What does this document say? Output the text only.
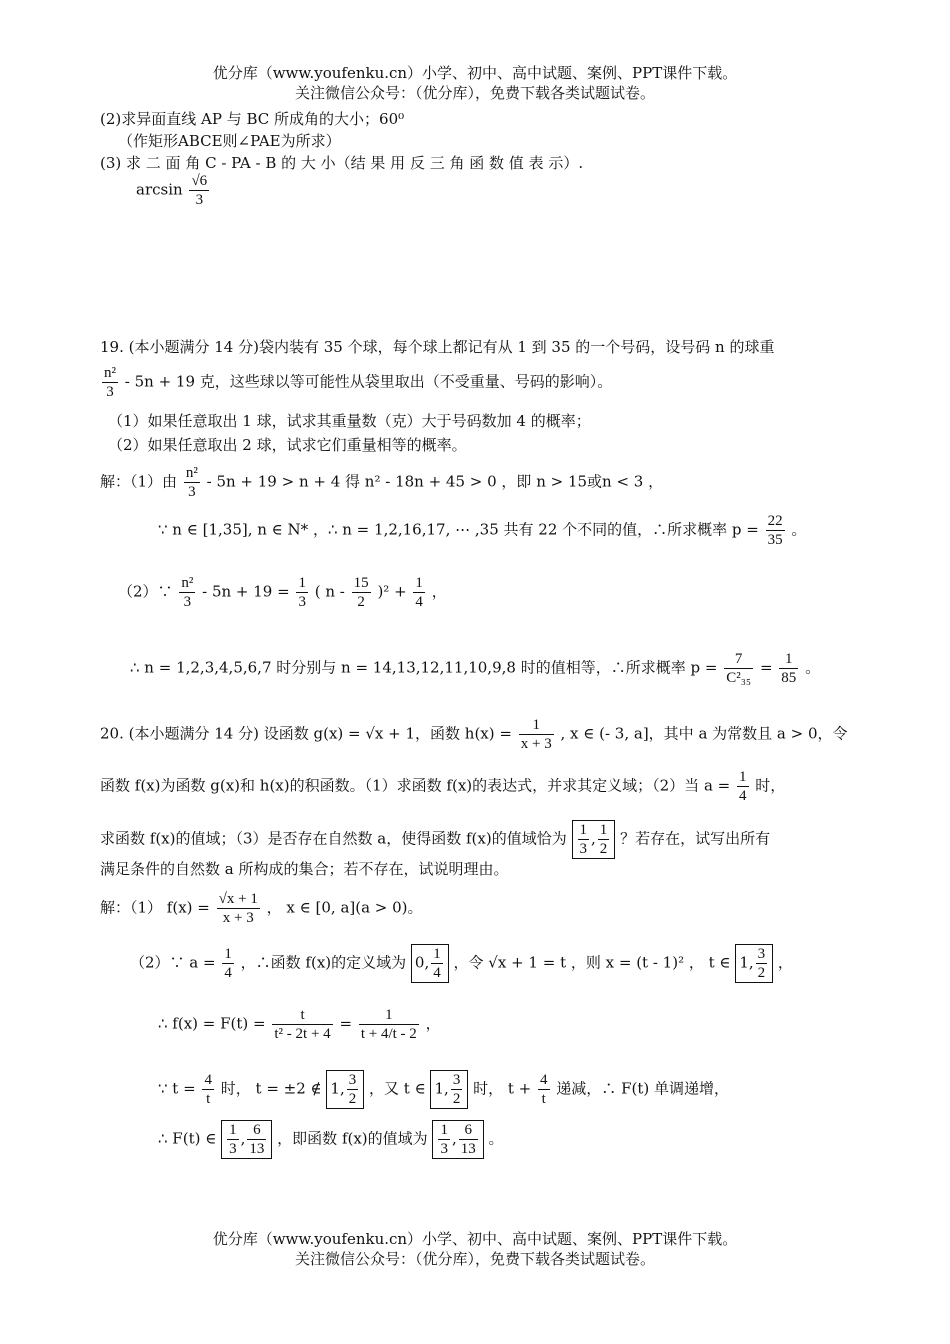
优分库（www.youfenku.cn）小学、初中、高中试题、案例、PPT课件下载。
关注微信公众号：（优分库），免费下载各类试题试卷。
(2)求异面直线 AP 与 BC 所成角的大小；60⁰
（作矩形ABCE则∠PAE为所求）
(3) 求 二 面 角 C - PA - B 的 大 小（结 果 用 反 三 角 函 数 值 表 示）.
$\arcsin \frac{√6}{3}$
19. (本小题满分 14 分)袋内装有 35 个球，每个球上都记有从 1 到 35 的一个号码，设号码 n 的球重
$\frac{\text{n²}}{3} - 5n + 19$ 克，这些球以等可能性从袋里取出（不受重量、号码的影响）。
（1）如果任意取出 1 球，试求其重量数（克）大于号码数加 4 的概率；
（2）如果任意取出 2 球，试求它们重量相等的概率。
解：（1）由 $\frac{\text{n²}}{3} - 5n + 19 > n + 4$ 得 n² - 18n + 45 > 0 ，即 n > 15或n < 3 ，
∵ n ∈ [1,35], n ∈ N* ，∴ n = 1,2,16,17, ⋯ ,35 共有 22 个不同的值，∴所求概率 $p = \frac{22}{35}$ 。
（2）∵ $\frac{\text{n²}}{3} - 5n + 19 = \frac{1}{3}$ ( $n - \frac{15}{2} )^2 + \frac{1}{4}$ ，
∴ n = 1,2,3,4,5,6,7 时分别与 n = 14,13,12,11,10,9,8 时的值相等，∴所求概率 $p = \frac{7}{\text{C²₃₅}} = \frac{1}{85}$ 。
20. (本小题满分 14 分) 设函数 g(x) = √x + 1，函数 $h(x) = \frac{1}{x + 3}$ , x ∈ (- 3, a]，其中 a 为常数且 a > 0，令
函数 f(x)为函数 g(x)和 h(x)的积函数。（1）求函数 f(x)的表达式，并求其定义域；（2）当 $a = \frac{1}{4}$ 时，
求函数 f(x)的值域；（3）是否存在自然数 a，使得函数 f(x)的值域恰为 $\frac{1}{3}$ , $\frac{1}{2}$ ？若存在，试写出所有
满足条件的自然数 a 所构成的集合；若不存在，试说明理由。
解：（1） $f(x) = \frac{√x + 1}{x + 3}$ ， x ∈ [0, a](a > 0)。
（2）∵ $a = \frac{1}{4}$ ，∴函数 f(x)的定义域为 0, $\frac{1}{4}$ ，令 √x + 1 = t ，则 x = (t - 1)² ， t ∈ 1, $\frac{3}{2}$ ，
∴ $f(x) = F(t) = \frac{t}{\text{t² - 2t + 4}} = \frac{1}{t + 4/t - 2}$ ，
∵ $t = \frac{4}{t}$ 时， t = ±2 ∉ 1, $\frac{3}{2}$ ，又 t ∈ 1, $\frac{3}{2}$ 时， $t + \frac{4}{t}$ 递减，∴ F(t) 单调递增，
∴ F(t) ∈ $\frac{1}{3}$ , $\frac{6}{13}$ ，即函数 f(x)的值域为 $\frac{1}{3}$ , $\frac{6}{13}$ 。
优分库（www.youfenku.cn）小学、初中、高中试题、案例、PPT课件下载。
关注微信公众号：（优分库），免费下载各类试题试卷。
